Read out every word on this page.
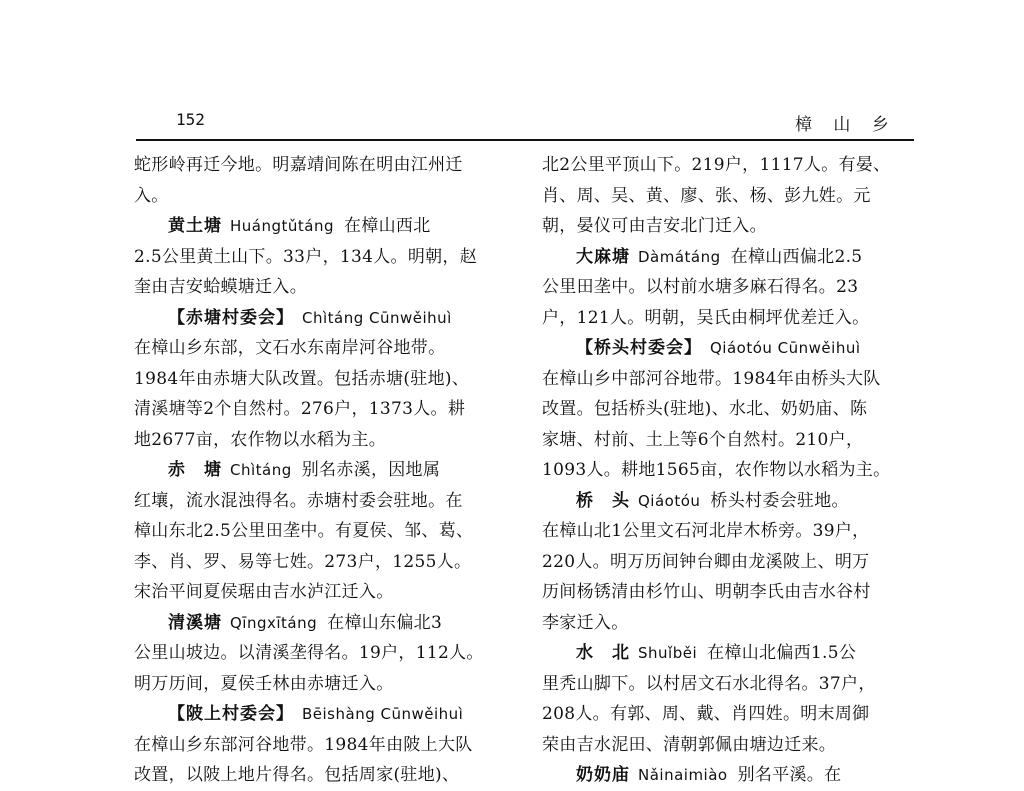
152	樟 山 乡
蛇形岭再迁今地。明嘉靖间陈在明由江州迁
入。
黄土塘 Huángtǔtáng 在樟山西北
2.5公里黄土山下。33户，134人。明朝，赵
奎由吉安蛤蟆塘迁入。
【赤塘村委会】 Chìtáng Cūnwěihuì
在樟山乡东部，文石水东南岸河谷地带。
1984年由赤塘大队改置。包括赤塘(驻地)、
清溪塘等2个自然村。276户，1373人。耕
地2677亩，农作物以水稻为主。
赤　塘 Chìtáng 别名赤溪，因地属
红壤，流水混浊得名。赤塘村委会驻地。在
樟山东北2.5公里田垄中。有夏侯、邹、葛、
李、肖、罗、易等七姓。273户，1255人。
宋治平间夏侯琚由吉水泸江迁入。
清溪塘 Qīngxītáng 在樟山东偏北3
公里山坡边。以清溪垄得名。19户，112人。
明万历间，夏侯壬林由赤塘迁入。
【陂上村委会】 Bēishàng Cūnwěihuì
在樟山乡东部河谷地带。1984年由陂上大队
改置，以陂上地片得名。包括周家(驻地)、
北2公里平顶山下。219户，1117人。有晏、
肖、周、吴、黄、廖、张、杨、彭九姓。元
朝，晏仪可由吉安北门迁入。
大麻塘 Dàmátáng 在樟山西偏北2.5
公里田垄中。以村前水塘多麻石得名。23
户，121人。明朝，吴氏由桐坪优差迁入。
【桥头村委会】 Qiáotóu Cūnwěihuì
在樟山乡中部河谷地带。1984年由桥头大队
改置。包括桥头(驻地)、水北、奶奶庙、陈
家塘、村前、土上等6个自然村。210户，
1093人。耕地1565亩，农作物以水稻为主。
桥　头 Qiáotóu 桥头村委会驻地。
在樟山北1公里文石河北岸木桥旁。39户，
220人。明万历间钟台卿由龙溪陂上、明万
历间杨锈清由杉竹山、明朝李氏由吉水谷村
李家迁入。
水　北 Shuǐběi 在樟山北偏西1.5公
里秃山脚下。以村居文石水北得名。37户，
208人。有郭、周、戴、肖四姓。明末周御
荣由吉水泥田、清朝郭佩由塘边迁来。
奶奶庙 Nǎinaimiào 别名平溪。在
